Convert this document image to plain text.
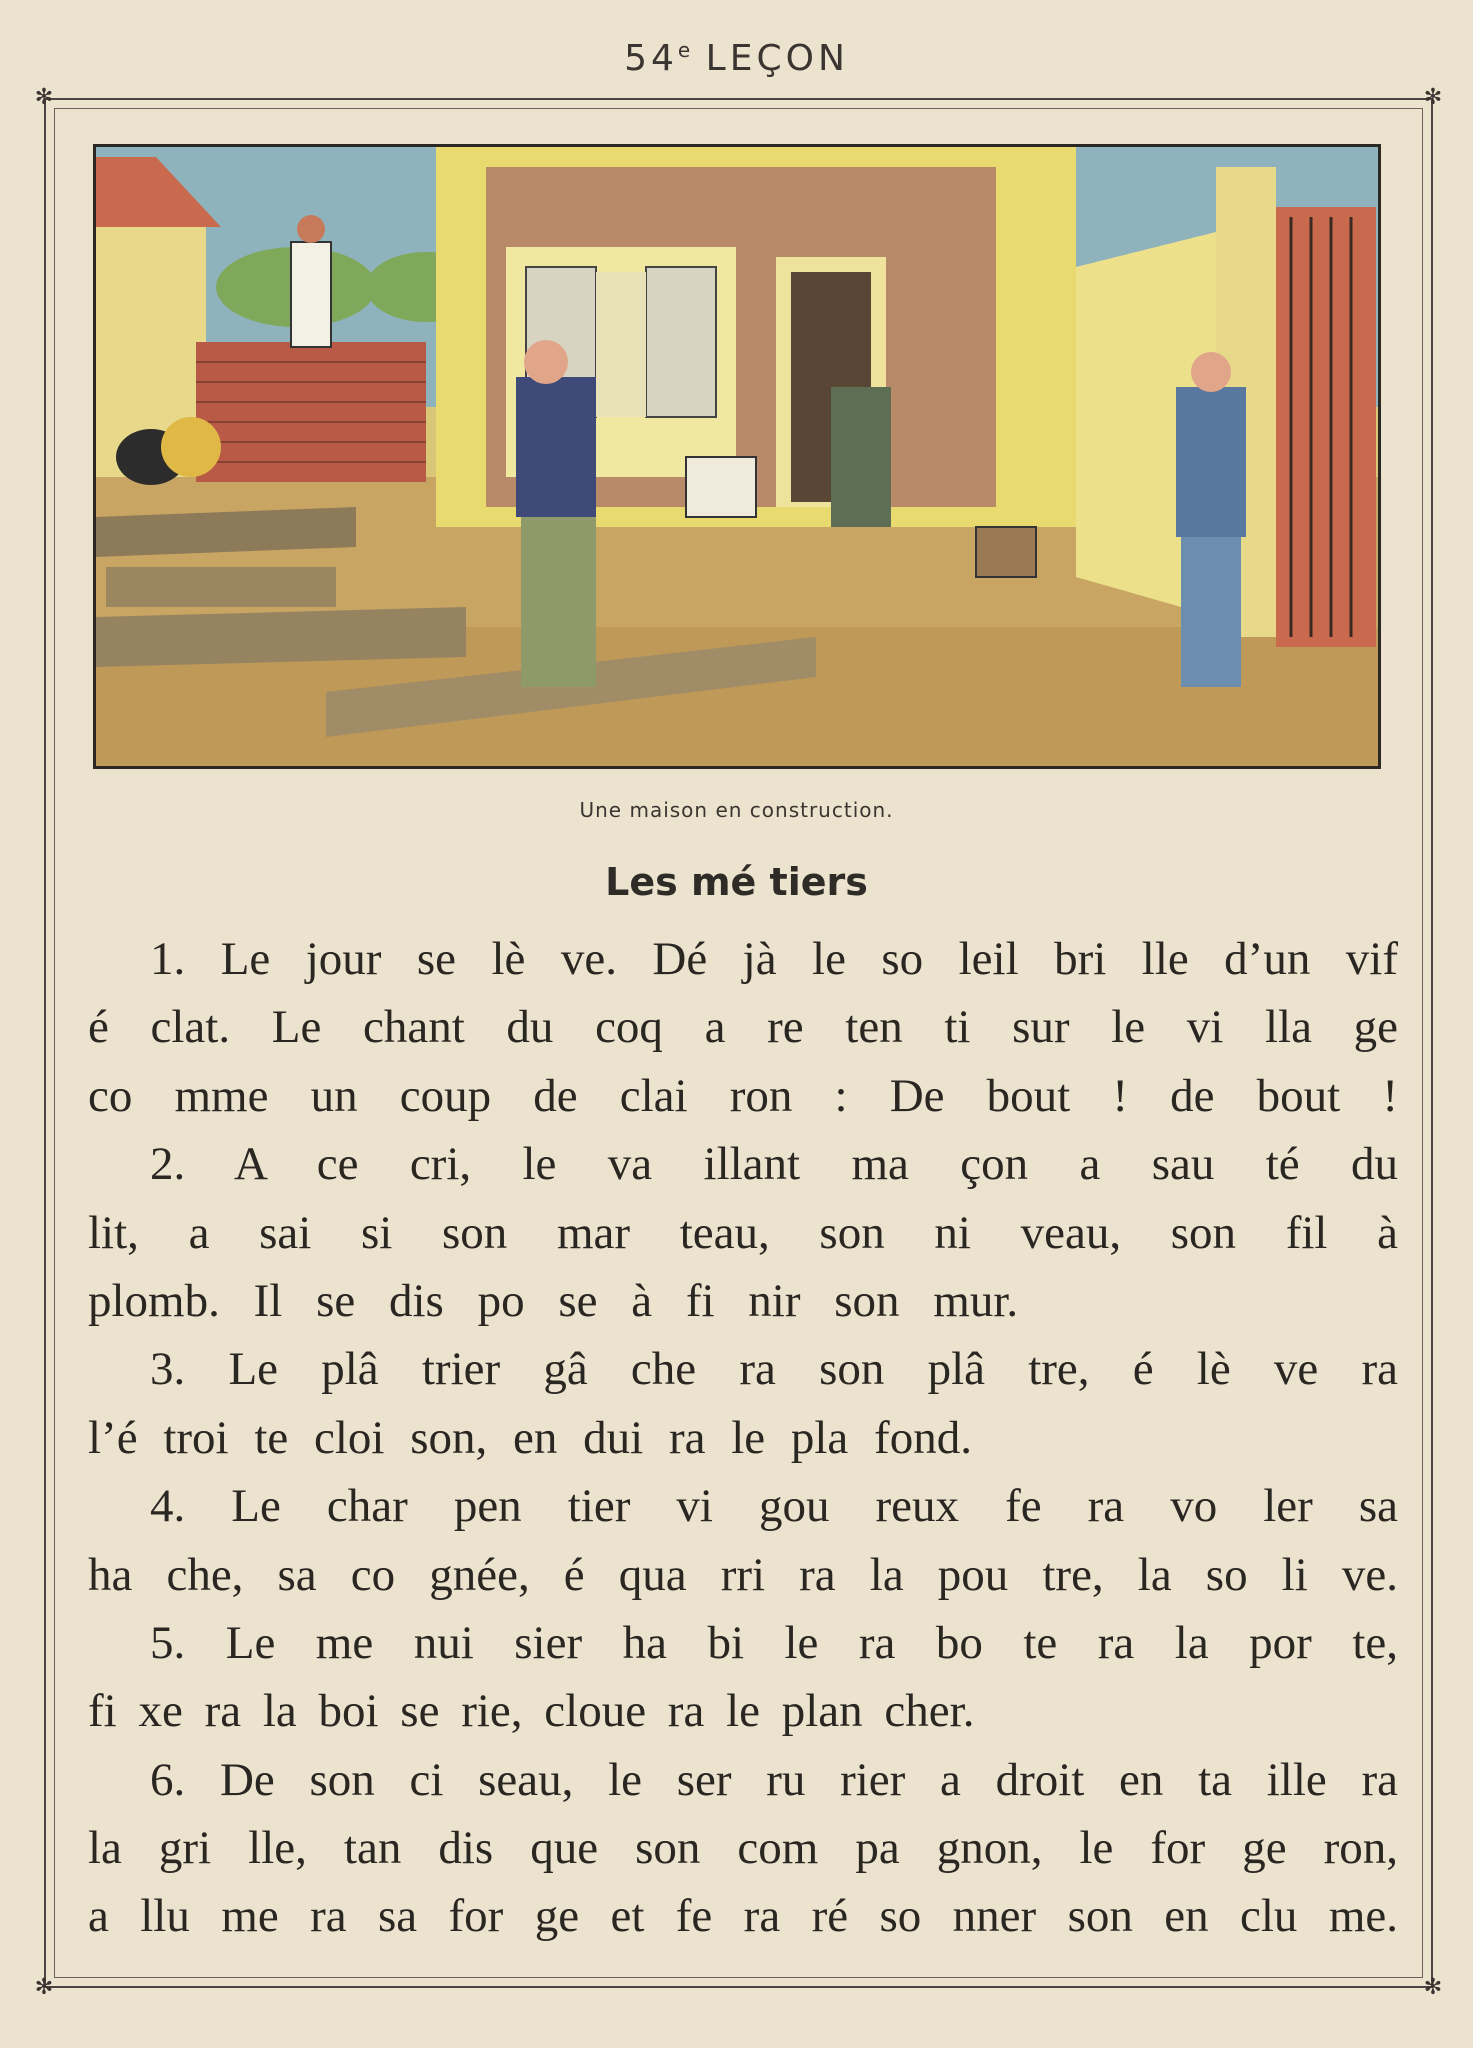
54e LEÇON
✻	✻
✻	✻
Une maison en construction.
Les mé tiers
1. Le jour se lè ve. Dé jà le so leil bri lle d’un vif
é clat. Le chant du coq a re ten ti sur le vi lla ge
co mme un coup de clai ron : De bout ! de bout !
2. A ce cri, le va illant ma çon a sau té du
lit, a sai si son mar teau, son ni veau, son fil à
plomb. Il se dis po se à fi nir son mur.
3. Le plâ trier gâ che ra son plâ tre, é lè ve ra
l’é troi te cloi son, en dui ra le pla fond.
4. Le char pen tier vi gou reux fe ra vo ler sa
ha che, sa co gnée, é qua rri ra la pou tre, la so li ve.
5. Le me nui sier ha bi le ra bo te ra la por te,
fi xe ra la boi se rie, cloue ra le plan cher.
6. De son ci seau, le ser ru rier a droit en ta ille ra
la gri lle, tan dis que son com pa gnon, le for ge ron,
a llu me ra sa for ge et fe ra ré so nner son en clu me.
